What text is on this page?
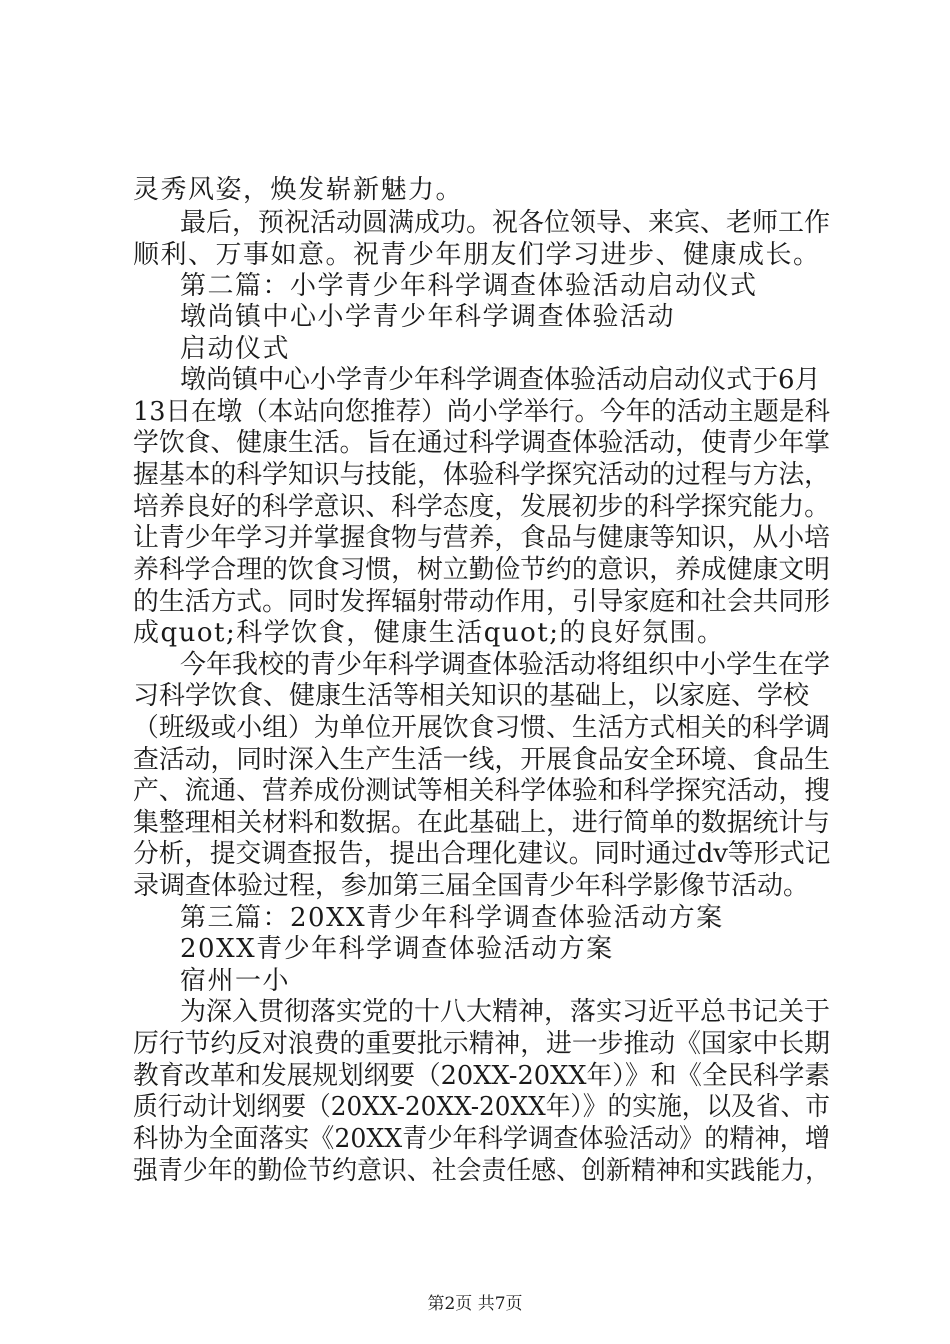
灵秀风姿，焕发崭新魅力。
最后，预祝活动圆满成功。祝各位领导、来宾、老师工作
顺利、万事如意。祝青少年朋友们学习进步、健康成长。
第二篇：小学青少年科学调查体验活动启动仪式
墩尚镇中心小学青少年科学调查体验活动
启动仪式
墩尚镇中心小学青少年科学调查体验活动启动仪式于6月
13日在墩（本站向您推荐）尚小学举行。今年的活动主题是科
学饮食、健康生活。旨在通过科学调查体验活动，使青少年掌
握基本的科学知识与技能，体验科学探究活动的过程与方法，
培养良好的科学意识、科学态度，发展初步的科学探究能力。
让青少年学习并掌握食物与营养，食品与健康等知识，从小培
养科学合理的饮食习惯，树立勤俭节约的意识，养成健康文明
的生活方式。同时发挥辐射带动作用，引导家庭和社会共同形
成quot;科学饮食，健康生活quot;的良好氛围。
今年我校的青少年科学调查体验活动将组织中小学生在学
习科学饮食、健康生活等相关知识的基础上，以家庭、学校
（班级或小组）为单位开展饮食习惯、生活方式相关的科学调
查活动，同时深入生产生活一线，开展食品安全环境、食品生
产、流通、营养成份测试等相关科学体验和科学探究活动，搜
集整理相关材料和数据。在此基础上，进行简单的数据统计与
分析，提交调查报告，提出合理化建议。同时通过dv等形式记
录调查体验过程，参加第三届全国青少年科学影像节活动。
第三篇：20XX青少年科学调查体验活动方案
20XX青少年科学调查体验活动方案
宿州一小
为深入贯彻落实党的十八大精神，落实习近平总书记关于
厉行节约反对浪费的重要批示精神，进一步推动《国家中长期
教育改革和发展规划纲要（20XX-20XX年）》和《全民科学素
质行动计划纲要（20XX-20XX-20XX年）》的实施，以及省、市
科协为全面落实《20XX青少年科学调查体验活动》的精神，增
强青少年的勤俭节约意识、社会责任感、创新精神和实践能力，
第2页 共7页
